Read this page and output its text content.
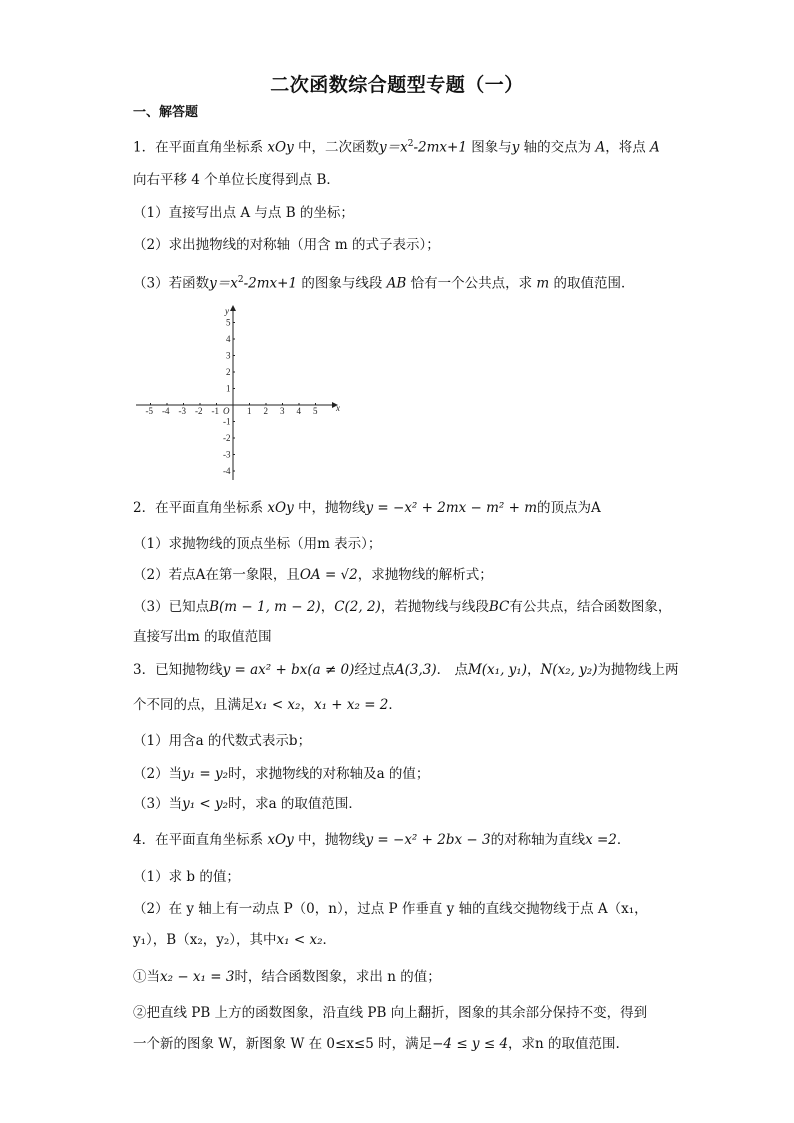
二次函数综合题型专题（一）
一、解答题
1．在平面直角坐标系 xOy 中，二次函数$y=x^2-2mx+1$ 图象与y 轴的交点为 A，将点 A
向右平移 4 个单位长度得到点 B．
（1）直接写出点 A 与点 B 的坐标；
（2）求出抛物线的对称轴（用含 m 的式子表示）；
（3）若函数$y=x^2-2mx+1$ 的图象与线段 AB 恰有一个公共点，求 m 的取值范围．
-5 -4 -3 -2 -1	1 2 3 4 5
5
4
3
2
1
-1
-2
-3
-4
x
y
O
2．在平面直角坐标系 xOy 中，抛物线y = −x² + 2mx − m² + m的顶点为A
（1）求抛物线的顶点坐标（用m 表示）；
（2）若点A在第一象限，且OA = √2，求抛物线的解析式；
（3）已知点B(m − 1, m − 2)，C(2, 2)，若抛物线与线段BC有公共点，结合函数图象，
直接写出m 的取值范围
3．已知抛物线y = ax² + bx(a ≠ 0)经过点A(3,3)． 点M(x₁, y₁)，N(x₂, y₂)为抛物线上两
个不同的点，且满足x₁ < x₂，x₁ + x₂ = 2．
（1）用含a 的代数式表示b；
（2）当y₁ = y₂时，求抛物线的对称轴及a 的值；
（3）当y₁ < y₂时，求a 的取值范围．
4．在平面直角坐标系 xOy 中，抛物线y = −x² + 2bx − 3的对称轴为直线x =2．
（1）求 b 的值；
（2）在 y 轴上有一动点 P（0，n），过点 P 作垂直 y 轴的直线交抛物线于点 A（x₁，
y₁），B（x₂，y₂），其中x₁ < x₂．
①当x₂ − x₁ = 3时，结合函数图象，求出 n 的值；
②把直线 PB 上方的函数图象，沿直线 PB 向上翻折，图象的其余部分保持不变，得到
一个新的图象 W，新图象 W 在 0≤x≤5 时，满足−4 ≤ y ≤ 4，求n 的取值范围.
